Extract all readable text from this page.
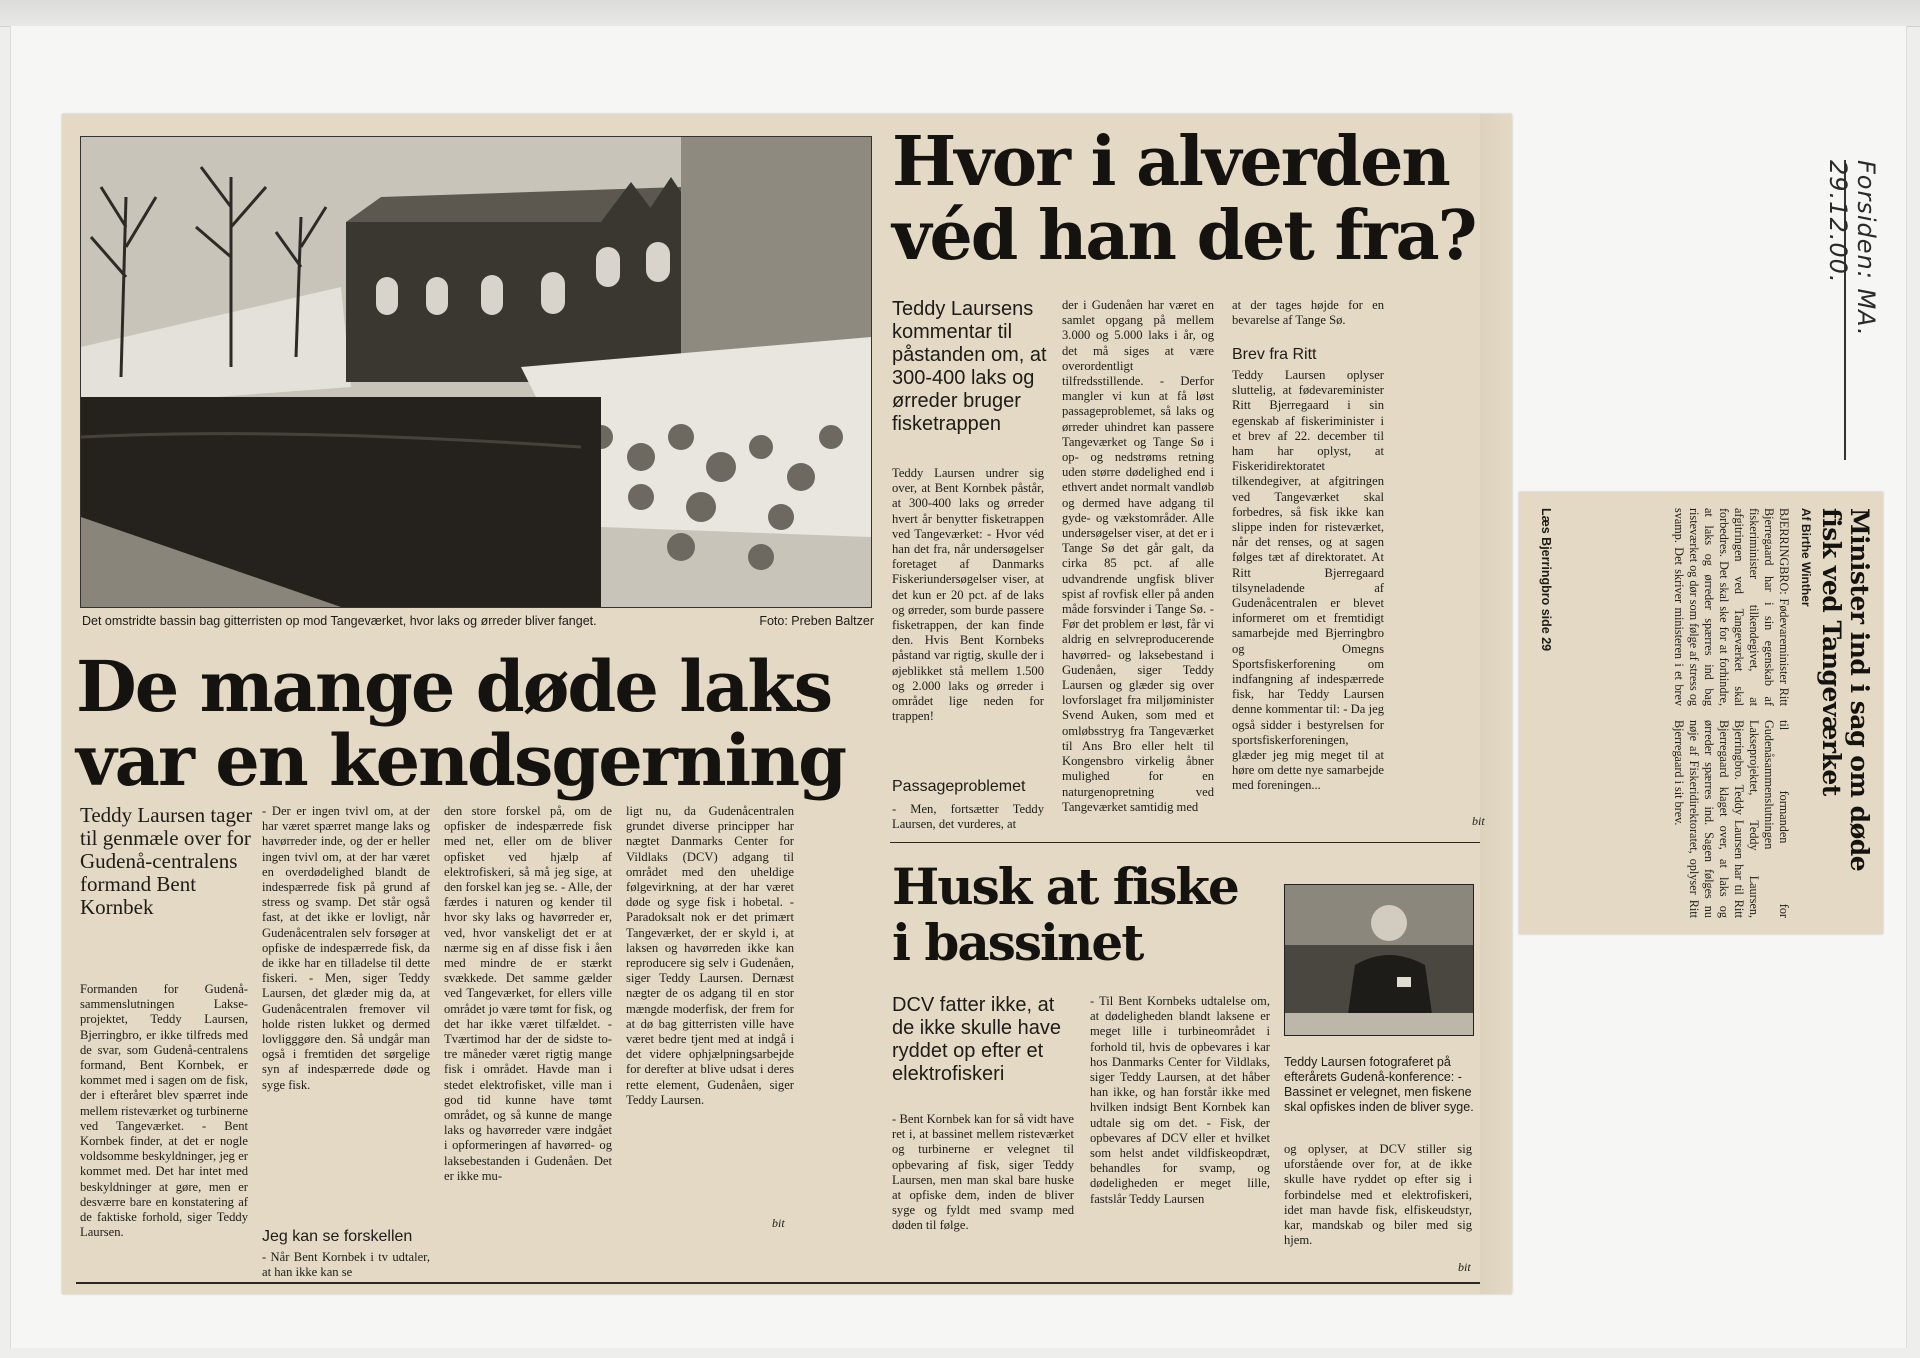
Forsiden: MA. 29.12.00.
Det omstridte bassin bag gitterristen op mod Tangeværket, hvor laks og ørreder bliver fanget.	Foto: Preben Baltzer
De mange døde laks
var en kendsgerning

Teddy Laursen tager til genmæle over for Gudenå-centralens formand Bent Kornbek

Formanden for Gudenå-sammenslutningen Lakse-projektet, Teddy Laursen, Bjerringbro, er ikke tilfreds med de svar, som Gudenå-centralens formand, Bent Kornbek, er kommet med i sagen om de fisk, der i efteråret blev spærret inde mellem risteværket og turbinerne ved Tangeværket. - Bent Kornbek finder, at det er nogle voldsomme beskyldninger, jeg er kommet med. Det har intet med beskyldninger at gøre, men er desværre bare en konstatering af de faktiske forhold, siger Teddy Laursen.

- Der er ingen tvivl om, at der har været spærret mange laks og havørreder inde, og der er heller ingen tvivl om, at der har været en overdødelighed blandt de indespærrede fisk på grund af stress og svamp. Det står også fast, at det ikke er lovligt, når Gudenåcentralen selv forsøger at opfiske de indespærrede fisk, da de ikke har en tilladelse til dette fiskeri. - Men, siger Teddy Laursen, det glæder mig da, at Gudenåcentralen fremover vil holde risten lukket og dermed lovligggøre den. Så undgår man også i fremtiden det sørgelige syn af indespærrede døde og syge fisk.

Jeg kan se forskellen

- Når Bent Kornbek i tv udtaler, at han ikke kan se

den store forskel på, om de opfisker de indespærrede fisk med net, eller om de bliver opfisket ved hjælp af elektrofiskeri, så må jeg sige, at den forskel kan jeg se. - Alle, der færdes i naturen og kender til hvor sky laks og havørreder er, ved, hvor vanskeligt det er at nærme sig en af disse fisk i åen med mindre de er stærkt svækkede. Det samme gælder ved Tangeværket, for ellers ville området jo være tømt for fisk, og det har ikke været tilfældet. - Tværtimod har der de sidste to-tre måneder været rigtig mange fisk i området. Havde man i stedet elektrofisket, ville man i god tid kunne have tømt området, og så kunne de mange laks og havørreder være indgået i opformeringen af havørred- og laksebestanden i Gudenåen. Det er ikke mu-

ligt nu, da Gudenåcentralen grundet diverse principper har nægtet Danmarks Center for Vildlaks (DCV) adgang til området med den uheldige følgevirkning, at der har været døde og syge fisk i hobetal. - Paradoksalt nok er det primært Tangeværket, der er skyld i, at laksen og havørreden ikke kan reproducere sig selv i Gudenåen, siger Teddy Laursen. Dernæst nægter de os adgang til en stor mængde moderfisk, der frem for at dø bag gitterristen ville have været bedre tjent med at indgå i det videre ophjælpningsarbejde for derefter at blive udsat i deres rette element, Gudenåen, siger Teddy Laursen.

bit
Hvor i alverden
véd han det fra?

Teddy Laursens kommentar til påstanden om, at 300-400 laks og ørreder bruger fisketrappen

Teddy Laursen undrer sig over, at Bent Kornbek påstår, at 300-400 laks og ørreder hvert år benytter fisketrappen ved Tangeværket: - Hvor véd han det fra, når undersøgelser foretaget af Danmarks Fiskeriundersøgelser viser, at det kun er 20 pct. af de laks og ørreder, som burde passere fisketrappen, der kan finde den. Hvis Bent Kornbeks påstand var rigtig, skulle der i øjeblikket stå mellem 1.500 og 2.000 laks og ørreder i området lige neden for trappen!

Passageproblemet

- Men, fortsætter Teddy Laursen, det vurderes, at

der i Gudenåen har været en samlet opgang på mellem 3.000 og 5.000 laks i år, og det må siges at være overordentligt tilfredsstillende. - Derfor mangler vi kun at få løst passageproblemet, så laks og ørreder uhindret kan passere Tangeværket og Tange Sø i op- og nedstrøms retning uden større dødelighed end i ethvert andet normalt vandløb og dermed have adgang til gyde- og vækstområder. Alle undersøgelser viser, at det er i Tange Sø det går galt, da cirka 85 pct. af alle udvandrende ungfisk bliver spist af rovfisk eller på anden måde forsvinder i Tange Sø. - Før det problem er løst, får vi aldrig en selvreproducerende havørred- og laksebestand i Gudenåen, siger Teddy Laursen og glæder sig over lovforslaget fra miljøminister Svend Auken, som med et omløbsstryg fra Tangeværket til Ans Bro eller helt til Kongensbro virkelig åbner mulighed for en naturgenopretning ved Tangeværket samtidig med

at der tages højde for en bevarelse af Tange Sø.

Brev fra Ritt

Teddy Laursen oplyser sluttelig, at fødevareminister Ritt Bjerregaard i sin egenskab af fiskeriminister i et brev af 22. december til ham har oplyst, at Fiskeridirektoratet tilkendegiver, at afgitringen ved Tangeværket skal forbedres, så fisk ikke kan slippe inden for risteværket, når det renses, og at sagen følges tæt af direktoratet. At Ritt Bjerregaard tilsyneladende af Gudenåcentralen er blevet informeret om et fremtidigt samarbejde med Bjerringbro og Omegns Sportsfiskerforening om indfangning af indespærrede fisk, har Teddy Laursen denne kommentar til: - Da jeg også sidder i bestyrelsen for sportsfiskerforeningen, glæder jeg mig meget til at høre om dette nye samarbejde med foreningen...

bit
Husk at fiske
i bassinet

DCV fatter ikke, at de ikke skulle have ryddet op efter et elektrofiskeri

- Bent Kornbek kan for så vidt have ret i, at bassinet mellem risteværket og turbinerne er velegnet til opbevaring af fisk, siger Teddy Laursen, men man skal bare huske at opfiske dem, inden de bliver syge og fyldt med svamp med døden til følge.

- Til Bent Kornbeks udtalelse om, at dødeligheden blandt laksene er meget lille i turbineområdet i forhold til, hvis de opbevares i kar hos Danmarks Center for Vildlaks, siger Teddy Laursen, at det håber han ikke, og han forstår ikke med hvilken indsigt Bent Kornbek kan udtale sig om det. - Fisk, der opbevares af DCV eller et hvilket som helst andet vildfiskeopdræt, behandles for svamp, og dødeligheden er meget lille, fastslår Teddy Laursen

Teddy Laursen fotograferet på efterårets Gudenå-konference: - Bassinet er velegnet, men fiskene skal opfiskes inden de bliver syge.

og oplyser, at DCV stiller sig uforstående over for, at de ikke skulle have ryddet op efter sig i forbindelse med et elektrofiskeri, idet man havde fisk, elfiskeudstyr, kar, mandskab og biler med sig hjem.

bit
Minister ind i sag om døde fisk ved Tangeværket
Af Birthe Winther

BJERRINGBRO: Fødevareminister Ritt Bjerregaard har i sin egenskab af fiskeriminister tilkendegivet, at afgitringen ved Tangeværket skal forbedres. Det skal ske for at forhindre, at laks og ørreder spærres ind bag risteværket og dør som følge af stress og svamp. Det skriver ministeren i et brev til formanden for Gudenåsammenslutningen Lakseprojektet, Teddy Laursen, Bjerringbro. Teddy Laursen har til Ritt Bjerregaard klaget over, at laks og ørreder spærres ind. Sagen følges nu nøje af Fiskeridirektoratet, oplyser Ritt Bjerregaard i sit brev.

Læs Bjerringbro side 29
